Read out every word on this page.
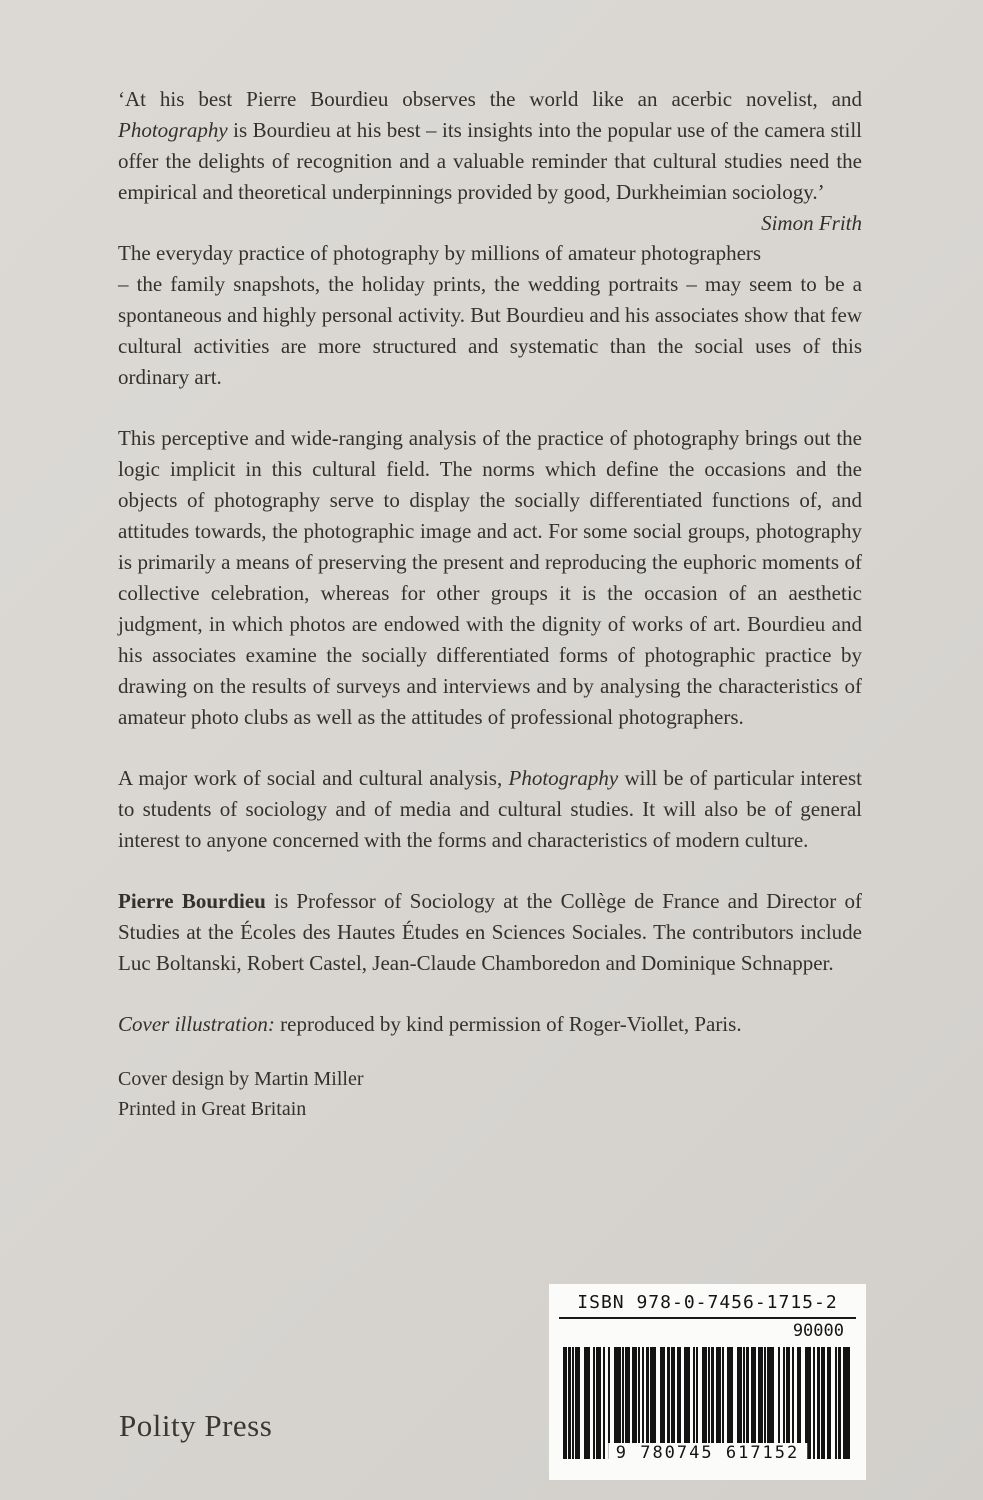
‘At his best Pierre Bourdieu observes the world like an acerbic novelist, and Photography is Bourdieu at his best – its insights into the popular use of the camera still offer the delights of recognition and a valuable reminder that cultural studies need the empirical and theoretical underpinnings provided by good, Durkheimian sociology.’
Simon Frith

The everyday practice of photography by millions of amateur photographers – the family snapshots, the holiday prints, the wedding portraits – may seem to be a spontaneous and highly personal activity. But Bourdieu and his associates show that few cultural activities are more structured and systematic than the social uses of this ordinary art.

This perceptive and wide-ranging analysis of the practice of photography brings out the logic implicit in this cultural field. The norms which define the occasions and the objects of photography serve to display the socially differentiated functions of, and attitudes towards, the photographic image and act. For some social groups, photography is primarily a means of preserving the present and reproducing the euphoric moments of collective celebration, whereas for other groups it is the occasion of an aesthetic judgment, in which photos are endowed with the dignity of works of art. Bourdieu and his associates examine the socially differentiated forms of photographic practice by drawing on the results of surveys and interviews and by analysing the characteristics of amateur photo clubs as well as the attitudes of professional photographers.

A major work of social and cultural analysis, Photography will be of particular interest to students of sociology and of media and cultural studies. It will also be of general interest to anyone concerned with the forms and characteristics of modern culture.

Pierre Bourdieu is Professor of Sociology at the Collège de France and Director of Studies at the Écoles des Hautes Études en Sciences Sociales. The contributors include Luc Boltanski, Robert Castel, Jean-Claude Chamboredon and Dominique Schnapper.

Cover illustration: reproduced by kind permission of Roger-Viollet, Paris.

Cover design by Martin Miller

Printed in Great Britain

Polity Press
ISBN 978-0-7456-1715-2
90000
9 780745 617152
